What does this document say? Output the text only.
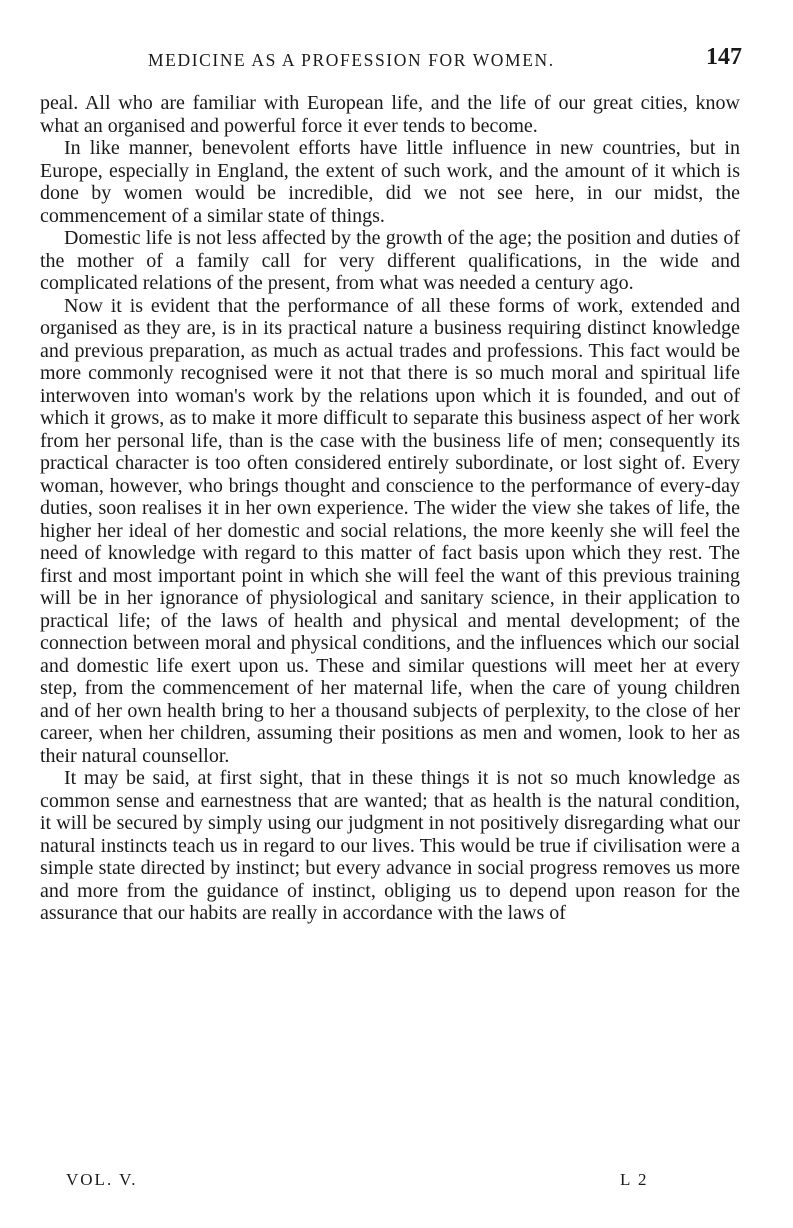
MEDICINE AS A PROFESSION FOR WOMEN.	147

peal. All who are familiar with European life, and the life of our great cities, know what an organised and powerful force it ever tends to become.

In like manner, benevolent efforts have little influence in new countries, but in Europe, especially in England, the extent of such work, and the amount of it which is done by women would be incredible, did we not see here, in our midst, the commencement of a similar state of things.

Domestic life is not less affected by the growth of the age; the position and duties of the mother of a family call for very different qualifications, in the wide and complicated relations of the present, from what was needed a century ago.

Now it is evident that the performance of all these forms of work, extended and organised as they are, is in its practical nature a business requiring distinct knowledge and previous preparation, as much as actual trades and professions. This fact would be more commonly recognised were it not that there is so much moral and spiritual life interwoven into woman's work by the relations upon which it is founded, and out of which it grows, as to make it more difficult to separate this business aspect of her work from her personal life, than is the case with the business life of men; consequently its practical character is too often considered entirely subordinate, or lost sight of. Every woman, however, who brings thought and conscience to the performance of every-day duties, soon realises it in her own experience. The wider the view she takes of life, the higher her ideal of her domestic and social relations, the more keenly she will feel the need of knowledge with regard to this matter of fact basis upon which they rest. The first and most important point in which she will feel the want of this previous training will be in her ignorance of physiological and sanitary science, in their application to practical life; of the laws of health and physical and mental development; of the connection between moral and physical conditions, and the influences which our social and domestic life exert upon us. These and similar questions will meet her at every step, from the commencement of her maternal life, when the care of young children and of her own health bring to her a thousand subjects of perplexity, to the close of her career, when her children, assuming their positions as men and women, look to her as their natural counsellor.

It may be said, at first sight, that in these things it is not so much knowledge as common sense and earnestness that are wanted; that as health is the natural condition, it will be secured by simply using our judgment in not positively disregarding what our natural instincts teach us in regard to our lives. This would be true if civilisation were a simple state directed by instinct; but every advance in social progress removes us more and more from the guidance of instinct, obliging us to depend upon reason for the assurance that our habits are really in accordance with the laws of

VOL. V.	L 2
